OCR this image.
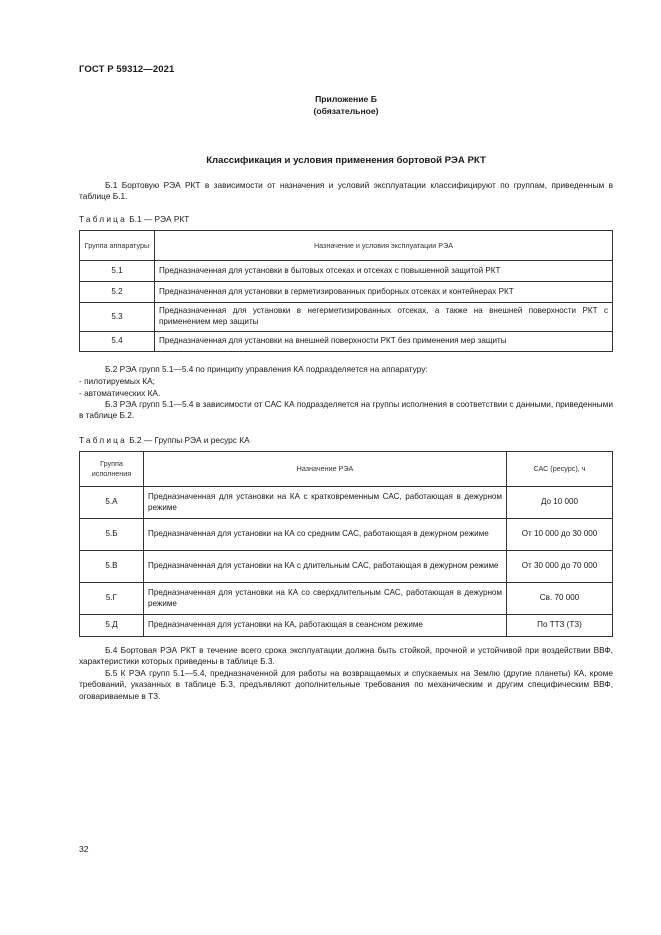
ГОСТ Р 59312—2021
Приложение Б
(обязательное)
Классификация и условия применения бортовой РЭА РКТ
Б.1 Бортовую РЭА РКТ в зависимости от назначения и условий эксплуатации классифицируют по группам, приведенным в таблице Б.1.
Таблица Б.1 — РЭА РКТ
Группа аппаратуры	Назначение и условия эксплуатации РЭА
5.1	Предназначенная для установки в бытовых отсеках и отсеках с повышенной защитой РКТ
5.2	Предназначенная для установки в герметизированных приборных отсеках и контейнерах РКТ
5.3	Предназначенная для установки в негерметизированных отсеках, а также на внешней поверхности РКТ с применением мер защиты
5.4	Предназначенная для установки на внешней поверхности РКТ без применения мер защиты
Б.2 РЭА групп 5.1—5.4 по принципу управления КА подразделяется на аппаратуру:
- пилотируемых КА;
- автоматических КА.
Б.3 РЭА групп 5.1—5.4 в зависимости от САС КА подразделяется на группы исполнения в соответствии с данными, приведенными в таблице Б.2.
Таблица Б.2 — Группы РЭА и ресурс КА
Группа исполнения	Назначение РЭА	САС (ресурс), ч
5.А	Предназначенная для установки на КА с кратковременным САС, работающая в дежурном режиме	До 10 000
5.Б	Предназначенная для установки на КА со средним САС, работающая в дежурном режиме	От 10 000 до 30 000
5.В	Предназначенная для установки на КА с длительным САС, работающая в дежурном режиме	От 30 000 до 70 000
5.Г	Предназначенная для установки на КА со сверхдлительным САС, работающая в дежурном режиме	Св. 70 000
5.Д	Предназначенная для установки на КА, работающая в сеансном режиме	По ТТЗ (ТЗ)
Б.4 Бортовая РЭА РКТ в течение всего срока эксплуатации должна быть стойкой, прочной и устойчивой при воздействии ВВФ, характеристики которых приведены в таблице Б.3.
Б.5 К РЭА групп 5.1—5.4, предназначенной для работы на возвращаемых и спускаемых на Землю (другие планеты) КА, кроме требований, указанных в таблице Б.3, предъявляют дополнительные требования по механическим и другим специфическим ВВФ, оговариваемые в ТЗ.
32
